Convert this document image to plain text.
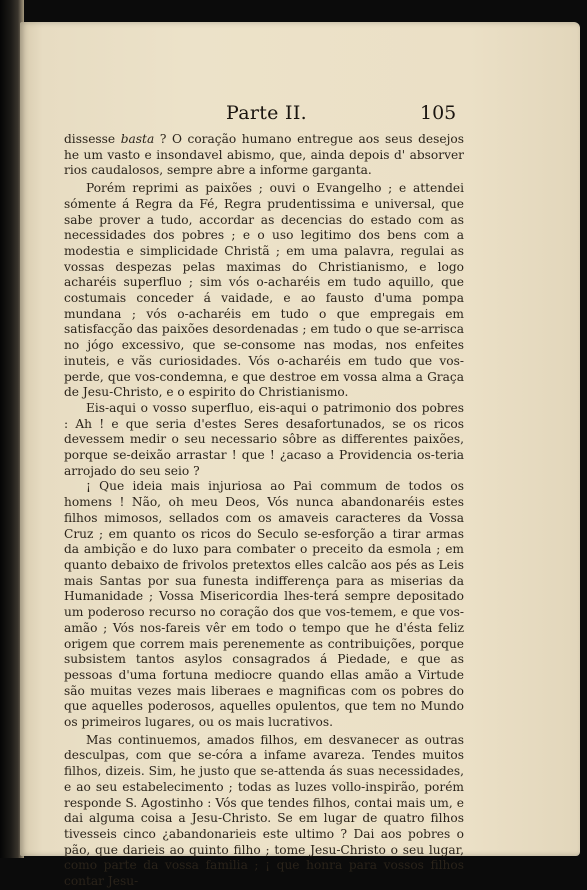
Parte II.	105

dissesse basta ? O coração humano entregue aos seus desejos he um vasto e insondavel abismo, que, ainda depois d' absorver rios caudalosos, sempre abre a informe garganta.

Porém reprimi as paixões ; ouvi o Evangelho ; e attendei sómente á Regra da Fé, Regra prudentissima e universal, que sabe prover a tudo, accordar as decencias do estado com as necessidades dos pobres ; e o uso legitimo dos bens com a modestia e simplicidade Christã ; em uma palavra, regulai as vossas despezas pelas maximas do Christianismo, e logo acharéis superfluo ; sim vós o-acharéis em tudo aquillo, que costumais conceder á vaidade, e ao fausto d'uma pompa mundana ; vós o-acharéis em tudo o que empregais em satisfacção das paixões desordenadas ; em tudo o que se-arrisca no jógo excessivo, que se-consome nas modas, nos enfeites inuteis, e vãs curiosidades. Vós o-acharéis em tudo que vos-perde, que vos-condemna, e que destroe em vossa alma a Graça de Jesu-Christo, e o espirito do Christianismo.

Eis-aqui o vosso superfluo, eis-aqui o patrimonio dos pobres : Ah ! e que seria d'estes Seres desafortunados, se os ricos devessem medir o seu necessario sôbre as differentes paixões, porque se-deixão arrastar ! que ! ¿acaso a Providencia os-teria arrojado do seu seio ?

¡ Que ideia mais injuriosa ao Pai commum de todos os homens ! Não, oh meu Deos, Vós nunca abandonaréis estes filhos mimosos, sellados com os amaveis caracteres da Vossa Cruz ; em quanto os ricos do Seculo se-esforção a tirar armas da ambição e do luxo para combater o preceito da esmola ; em quanto debaixo de frivolos pretextos elles calcão aos pés as Leis mais Santas por sua funesta indifferença para as miserias da Humanidade ; Vossa Misericordia lhes-terá sempre depositado um poderoso recurso no coração dos que vos-temem, e que vos-amão ; Vós nos-fareis vêr em todo o tempo que he d'ésta feliz origem que correm mais perenemente as contribuições, porque subsistem tantos asylos consagrados á Piedade, e que as pessoas d'uma fortuna mediocre quando ellas amão a Virtude são muitas vezes mais liberaes e magnificas com os pobres do que aquelles poderosos, aquelles opulentos, que tem no Mundo os primeiros lugares, ou os mais lucrativos.

Mas continuemos, amados filhos, em desvanecer as outras desculpas, com que se-córa a infame avareza. Tendes muitos filhos, dizeis. Sim, he justo que se-attenda ás suas necessidades, e ao seu estabelecimento ; todas as luzes vollo-inspirão, porém responde S. Agostinho : Vós que tendes filhos, contai mais um, e dai alguma coisa a Jesu-Christo. Se em lugar de quatro filhos tivesseis cinco ¿abandonarieis este ultimo ? Dai aos pobres o pão, que darieis ao quinto filho ; tome Jesu-Christo o seu lugar, como parte da vossa familia ; ¡ que honra para vossos filhos contar Jesu-
